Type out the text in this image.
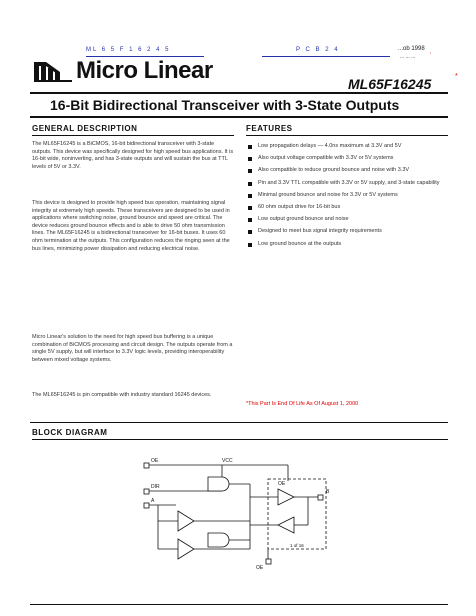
ML 6 5 F 1 6 2 4 5	P C B 2 4	...ob 1998
... ... ... ’
Micro Linear	ML65F16245	*
16-Bit Bidirectional Transceiver with 3-State Outputs
GENERAL DESCRIPTION
The ML65F16245 is a BiCMOS, 16-bit bidirectional transceiver with 3-state outputs. This device was specifically designed for high speed bus applications. It is 16-bit wide, noninverting, and has 3-state outputs and will sustain the bus at TTL levels of 5V or 3.3V.
This device is designed to provide high speed bus operation, maintaining signal integrity at extremely high speeds. These transceivers are designed to be used in applications where switching noise, ground bounce and speed are critical. The device reduces ground bounce effects and is able to drive 50 ohm transmission lines. The ML65F16245 is a bidirectional transceiver for 16-bit buses. It uses 60 ohm termination at the outputs. This configuration reduces the ringing seen at the bus lines, minimizing power dissipation and reducing electrical noise.
Micro Linear's solution to the need for high speed bus buffering is a unique combination of BiCMOS processing and circuit design. The outputs operate from a single 5V supply, but will interface to 3.3V logic levels, providing interoperability between mixed voltage systems.
The ML65F16245 is pin compatible with industry standard 16245 devices.
FEATURES
Low propagation delays — 4.0ns maximum at 3.3V and 5V
Also output voltage compatible with 3.3V or 5V systems
Also compatible to reduce ground bounce and noise with 3.3V
Pin and 3.3V TTL compatible with 3.3V or 5V supply, and 3-state capability
Minimal ground bounce and noise for 3.3V or 5V systems
60 ohm output drive for 16-bit bus
Low output ground bounce and noise
Designed to meet bus signal integrity requirements
Low ground bounce at the outputs
*This Part Is End Of Life As Of August 1, 2000
BLOCK DIAGRAM
OE	VCC
DIR
A
OE
OE
B
1 of 16
